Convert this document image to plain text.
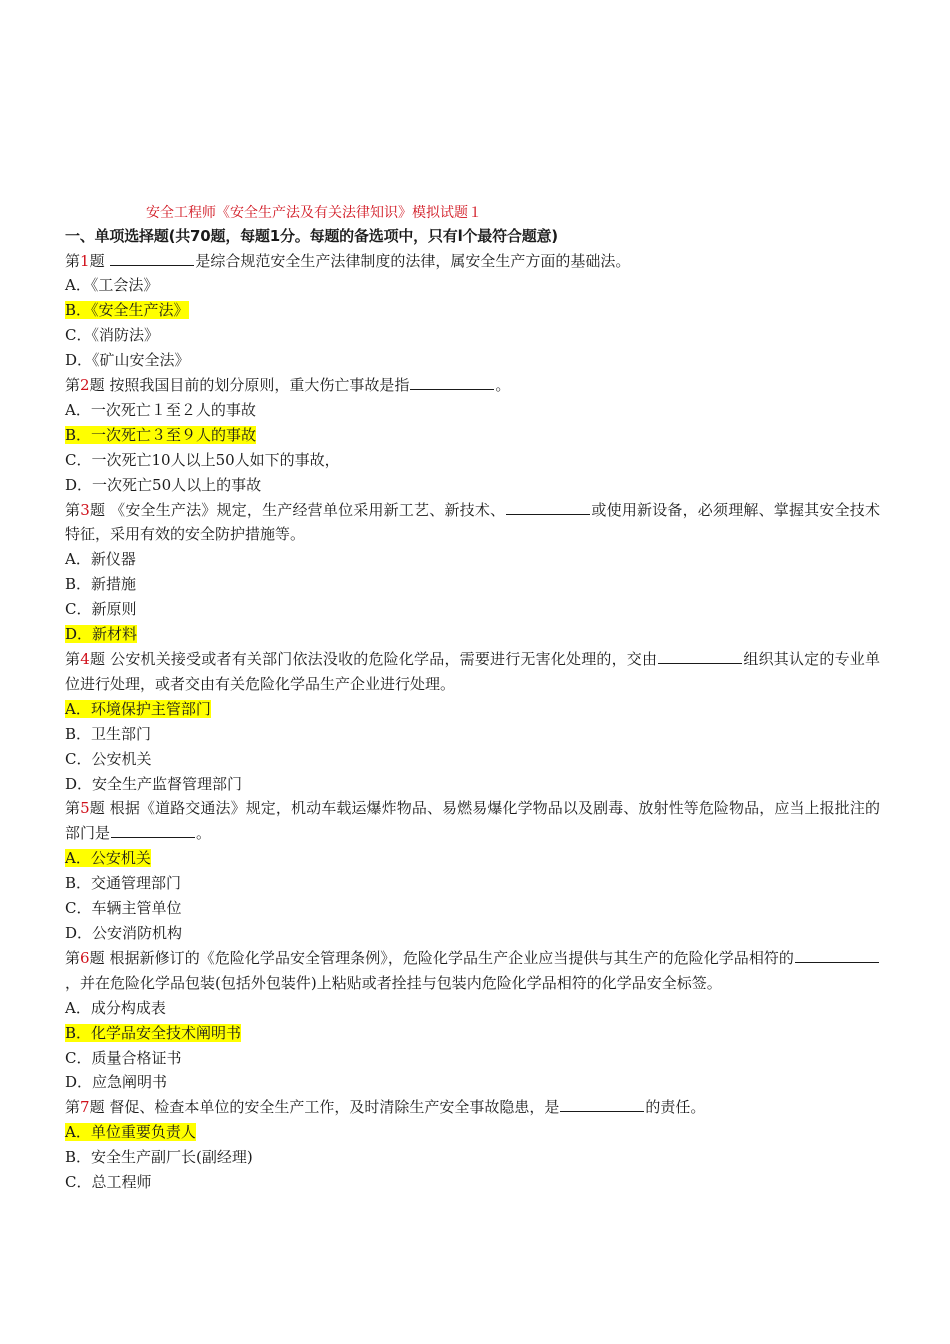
安全工程师《安全生产法及有关法律知识》模拟试题１
一、单项选择题(共70题，每题1分。每题的备选项中，只有l个最符合题意)
第1题	是综合规范安全生产法律制度的法律，属安全生产方面的基础法。
A．《工会法》
B．《安全生产法》
C．《消防法》
D．《矿山安全法》
第2题 按照我国目前的划分原则，重大伤亡事故是指	。
A．一次死亡１至２人的事故
B．一次死亡３至９人的事故
C．一次死亡10人以上50人如下的事故，
D．一次死亡50人以上的事故
第3题 《安全生产法》规定，生产经营单位采用新工艺、新技术、	或使用新设备，必须理解、掌握其安全技术特征，采用有效的安全防护措施等。
A．新仪器
B．新措施
C．新原则
D．新材料
第4题 公安机关接受或者有关部门依法没收的危险化学品，需要进行无害化处理的，交由	组织其认定的专业单位进行处理，或者交由有关危险化学品生产企业进行处理。
A．环境保护主管部门
B．卫生部门
C．公安机关
D．安全生产监督管理部门
第5题 根据《道路交通法》规定，机动车载运爆炸物品、易燃易爆化学物品以及剧毒、放射性等危险物品，应当上报批注的部门是	。
A．公安机关
B．交通管理部门
C．车辆主管单位
D．公安消防机构
第6题 根据新修订的《危险化学品安全管理条例》，危险化学品生产企业应当提供与其生产的危险化学品相符的，并在危险化学品包装(包括外包装件)上粘贴或者拴挂与包装内危险化学品相符的化学品安全标签。
A．成分构成表
B．化学品安全技术阐明书
C．质量合格证书
D．应急阐明书
第7题 督促、检查本单位的安全生产工作，及时清除生产安全事故隐患，是	的责任。
A．单位重要负责人
B．安全生产副厂长(副经理)
C．总工程师
